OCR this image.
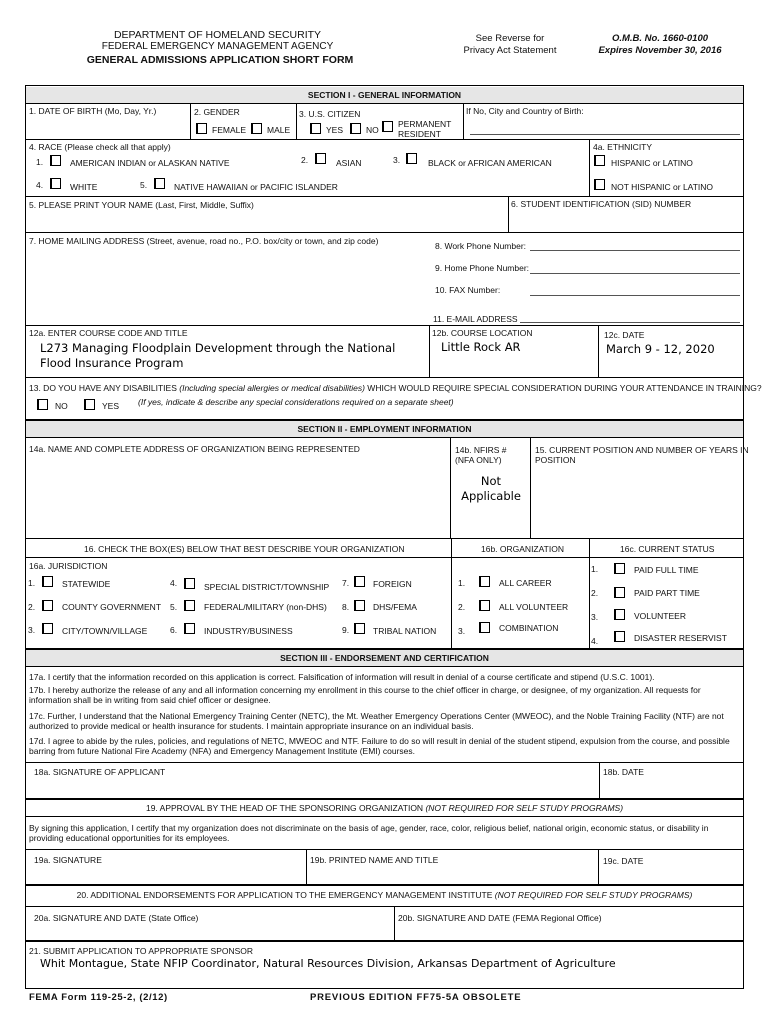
DEPARTMENT OF HOMELAND SECURITY
FEDERAL EMERGENCY MANAGEMENT AGENCY
GENERAL ADMISSIONS APPLICATION SHORT FORM
See Reverse for
Privacy Act Statement
O.M.B. No. 1660-0100
Expires November 30, 2016
SECTION I - GENERAL INFORMATION
1. DATE OF BIRTH (Mo, Day, Yr.)	2. GENDER
FEMALE MALE
3. U.S. CITIZEN
YES	NO
PERMANENT
RESIDENT
If No, City and Country of Birth:
4. RACE (Please check all that apply)
1.	AMERICAN INDIAN or ALASKAN NATIVE	2.	ASIAN	3.	BLACK or AFRICAN AMERICAN
4.	WHITE	5.	NATIVE HAWAIIAN or PACIFIC ISLANDER
4a. ETHNICITY
HISPANIC or LATINO
NOT HISPANIC or LATINO
5. PLEASE PRINT YOUR NAME (Last, First, Middle, Suffix)	6. STUDENT IDENTIFICATION (SID) NUMBER
7. HOME MAILING ADDRESS (Street, avenue, road no., P.O. box/city or town, and zip code)	8. Work Phone Number:
9. Home Phone Number:
10. FAX Number:
11. E-MAIL ADDRESS
12a. ENTER COURSE CODE AND TITLE
L273 Managing Floodplain Development through the National Flood Insurance Program
12b. COURSE LOCATION
Little Rock AR
12c. DATE
March 9 - 12, 2020
13. DO YOU HAVE ANY DISABILITIES (Including special allergies or medical disabilities) WHICH WOULD REQUIRE SPECIAL CONSIDERATION DURING YOUR ATTENDANCE IN TRAINING?
NO	YES (If yes, indicate & describe any special considerations required on a separate sheet)
SECTION II - EMPLOYMENT INFORMATION
14a. NAME AND COMPLETE ADDRESS OF ORGANIZATION BEING REPRESENTED	14b. NFIRS #
(NFA ONLY)
Not Applicable
15. CURRENT POSITION AND NUMBER OF YEARS IN
POSITION
16. CHECK THE BOX(ES) BELOW THAT BEST DESCRIBE YOUR ORGANIZATION	16b. ORGANIZATION	16c. CURRENT STATUS
16a. JURISDICTION
1.	STATEWIDE
2.	COUNTY GOVERNMENT
3.	CITY/TOWN/VILLAGE
4.	SPECIAL DISTRICT/TOWNSHIP
5.	FEDERAL/MILITARY (non-DHS)
6.	INDUSTRY/BUSINESS
7.	FOREIGN
8.	DHS/FEMA
9.	TRIBAL NATION
1.	ALL CAREER
2.	ALL VOLUNTEER
3.	COMBINATION
1.	PAID FULL TIME
2.	PAID PART TIME
3.	VOLUNTEER
4.	DISASTER RESERVIST
SECTION III - ENDORSEMENT AND CERTIFICATION
17a. I certify that the information recorded on this application is correct. Falsification of information will result in denial of a course certificate and stipend (U.S.C. 1001).
17b. I hereby authorize the release of any and all information concerning my enrollment in this course to the chief officer in charge, or designee, of my organization. All requests for information shall be in writing from said chief officer or designee.
17c. Further, I understand that the National Emergency Training Center (NETC), the Mt. Weather Emergency Operations Center (MWEOC), and the Noble Training Facility (NTF) are not authorized to provide medical or health insurance for students. I maintain appropriate insurance on an individual basis.
17d. I agree to abide by the rules, policies, and regulations of NETC, MWEOC and NTF. Failure to do so will result in denial of the student stipend, expulsion from the course, and possible barring from future National Fire Academy (NFA) and Emergency Management Institute (EMI) courses.
18a. SIGNATURE OF APPLICANT	18b. DATE
19. APPROVAL BY THE HEAD OF THE SPONSORING ORGANIZATION (NOT REQUIRED FOR SELF STUDY PROGRAMS)
By signing this application, I certify that my organization does not discriminate on the basis of age, gender, race, color, religious belief, national origin, economic status, or disability in providing educational opportunities for its employees.
19a. SIGNATURE	19b. PRINTED NAME AND TITLE	19c. DATE
20. ADDITIONAL ENDORSEMENTS FOR APPLICATION TO THE EMERGENCY MANAGEMENT INSTITUTE (NOT REQUIRED FOR SELF STUDY PROGRAMS)
20a. SIGNATURE AND DATE (State Office)	20b. SIGNATURE AND DATE (FEMA Regional Office)
21. SUBMIT APPLICATION TO APPROPRIATE SPONSOR
Whit Montague, State NFIP Coordinator, Natural Resources Division, Arkansas Department of Agriculture
FEMA Form 119-25-2, (2/12)	PREVIOUS EDITION FF75-5A OBSOLETE
